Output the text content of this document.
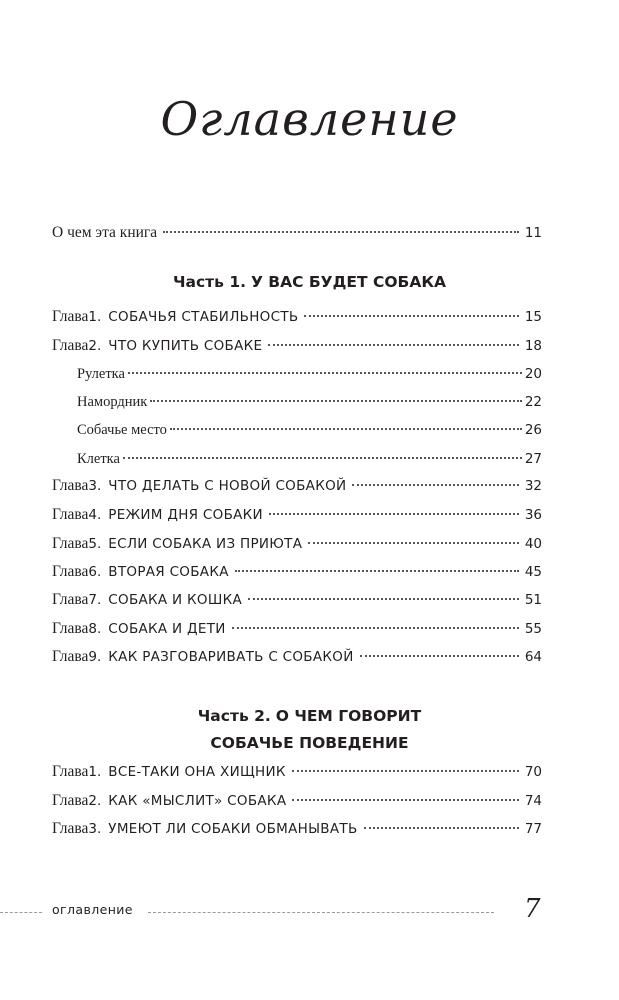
Оглавление
О чем эта книга	11
Часть 1. У ВАС БУДЕТ СОБАКА
Глава 1. СОБАЧЬЯ СТАБИЛЬНОСТЬ	15
Глава 2. ЧТО КУПИТЬ СОБАКЕ	18
Рулетка	20
Намордник	22
Собачье место	26
Клетка	27
Глава 3. ЧТО ДЕЛАТЬ С НОВОЙ СОБАКОЙ	32
Глава 4. РЕЖИМ ДНЯ СОБАКИ	36
Глава 5. ЕСЛИ СОБАКА ИЗ ПРИЮТА	40
Глава 6. ВТОРАЯ СОБАКА	45
Глава 7. СОБАКА И КОШКА	51
Глава 8. СОБАКА И ДЕТИ	55
Глава 9. КАК РАЗГОВАРИВАТЬ С СОБАКОЙ	64
Часть 2. О ЧЕМ ГОВОРИТ
СОБАЧЬЕ ПОВЕДЕНИЕ
Глава 1. ВСЕ-ТАКИ ОНА ХИЩНИК	70
Глава 2. КАК «МЫСЛИТ» СОБАКА	74
Глава 3. УМЕЮТ ЛИ СОБАКИ ОБМАНЫВАТЬ	77
оглавление	7
